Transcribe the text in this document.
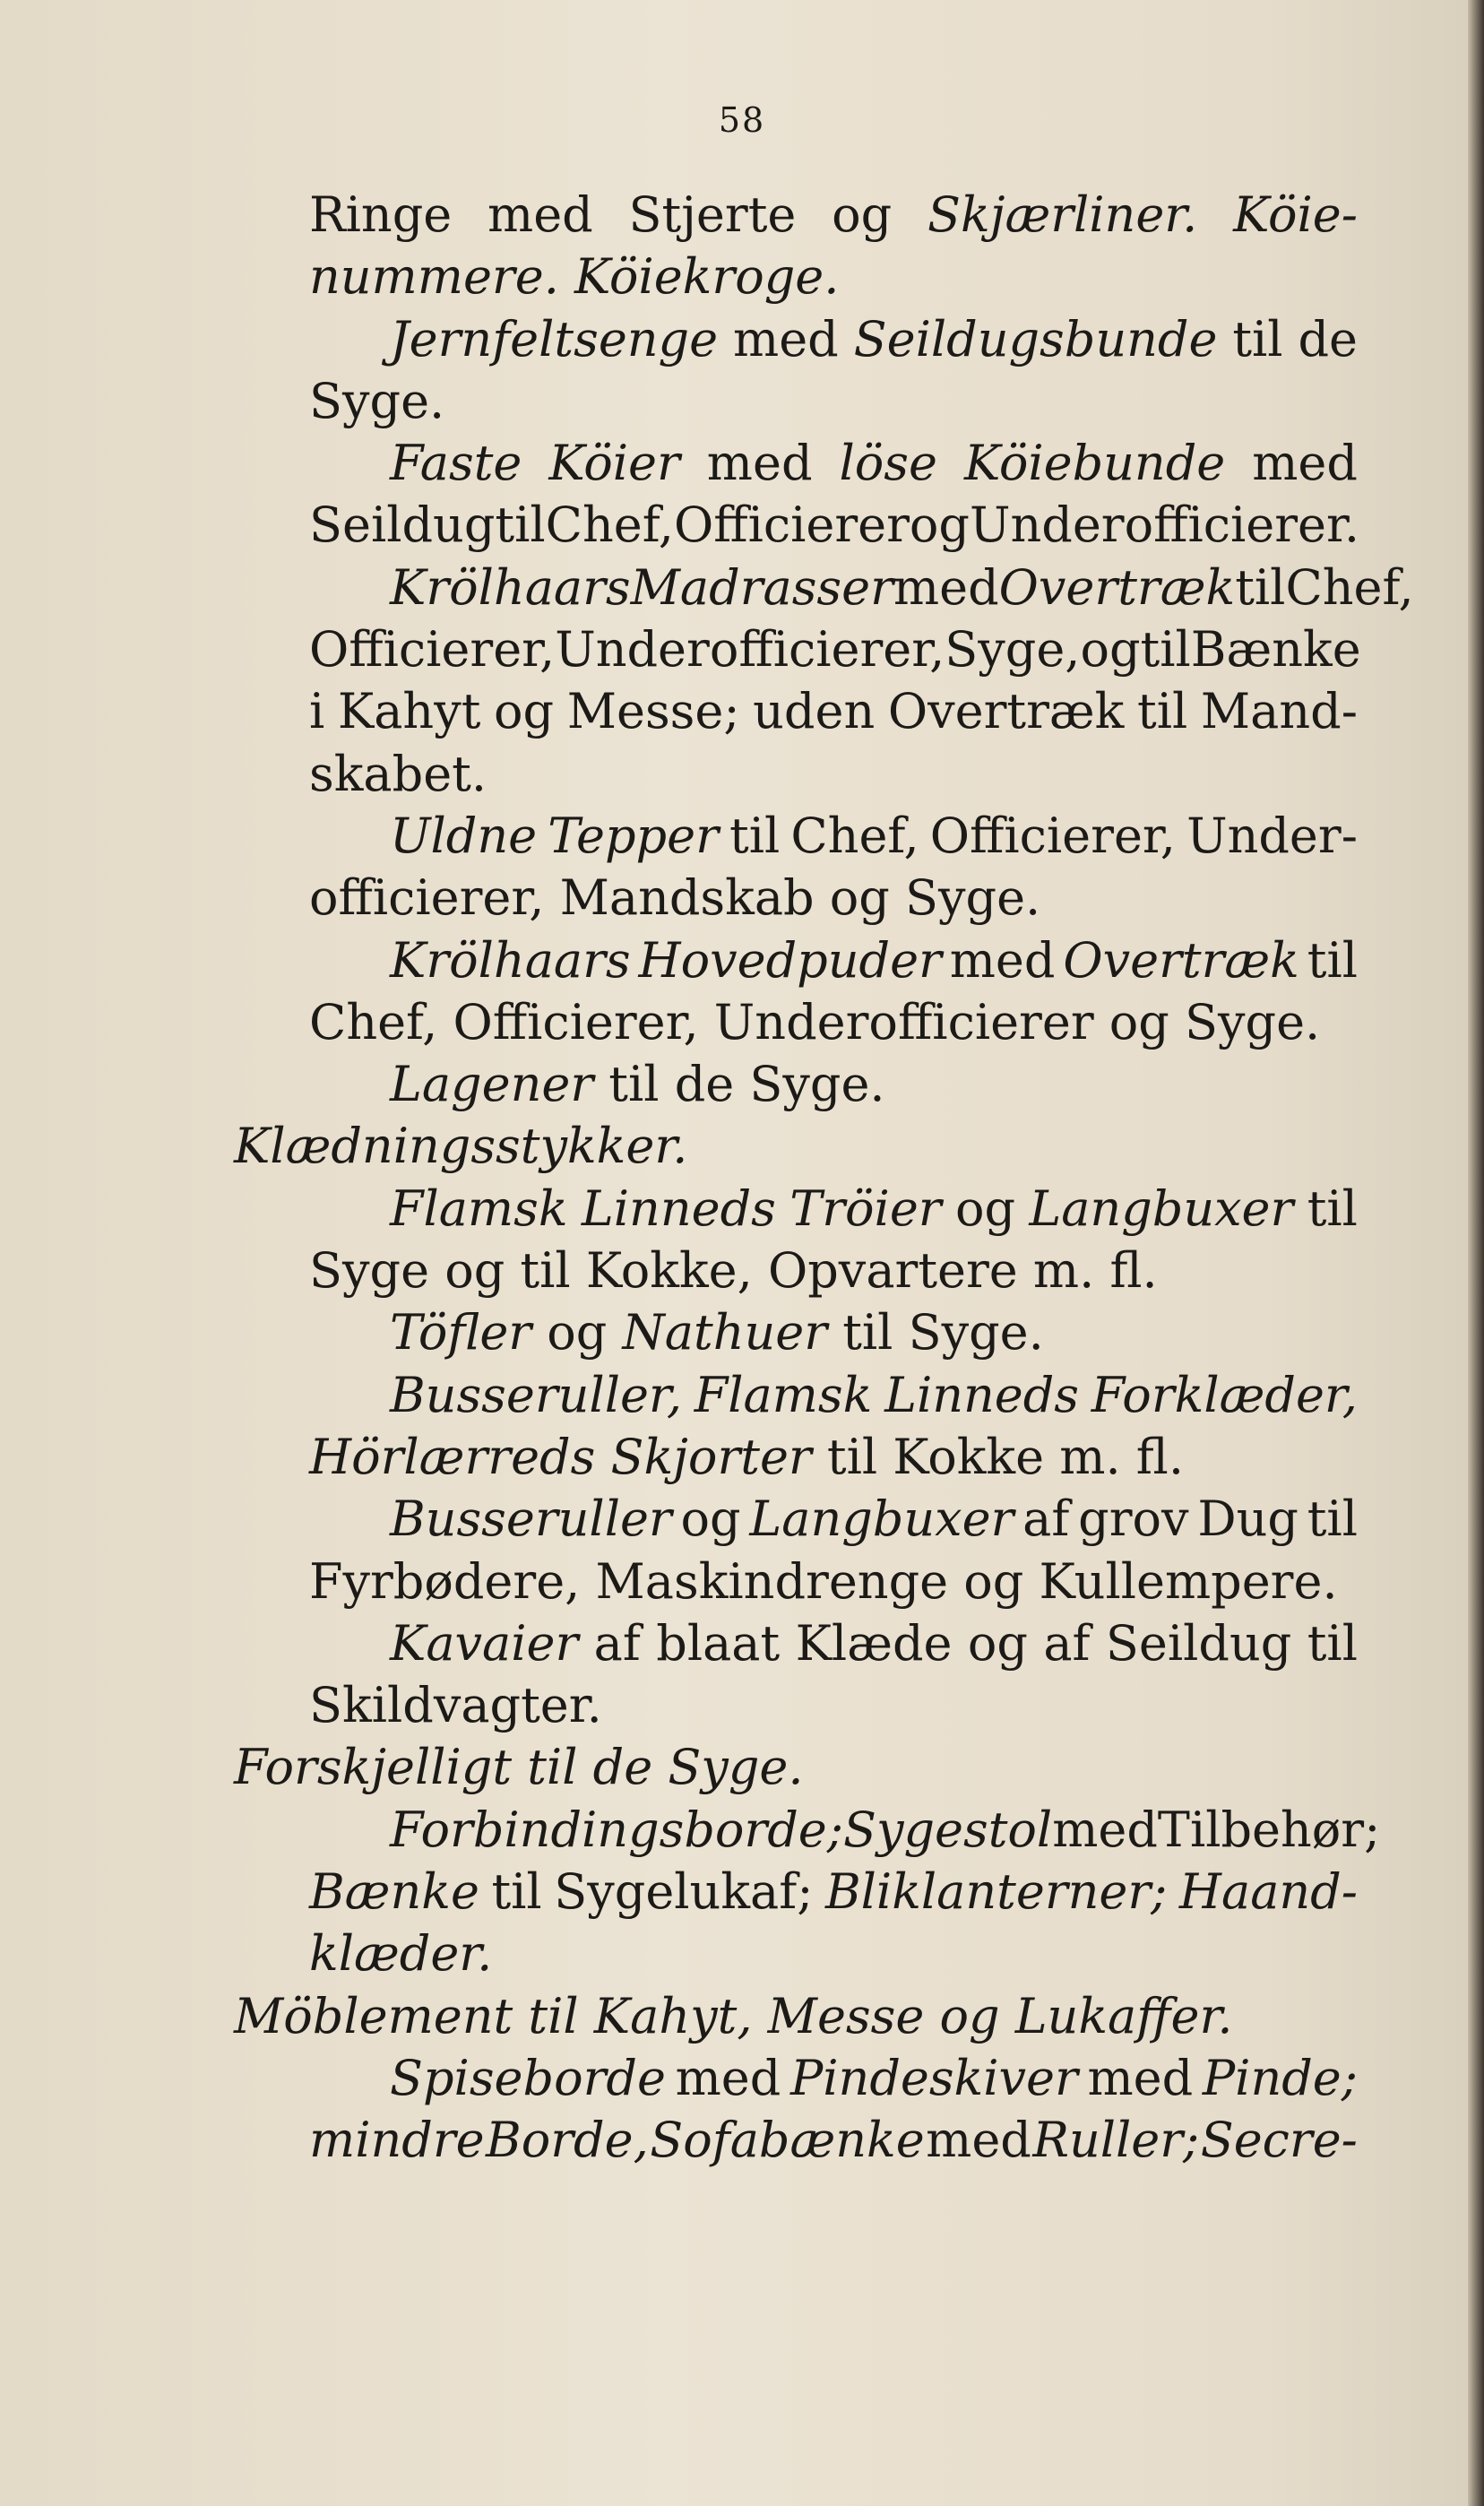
58
Ringe med Stjerte og Skjærliner. Köie-
nummere. Köiekroge.
Jernfeltsenge med Seildugsbunde til de
Syge.
Faste Köier med löse Köiebunde med
Seildug til Chef, Officierer og Underofficierer.
Krölhaars Madrasser med Overtræk til Chef,
Officierer, Underofficierer, Syge, og til Bænke
i Kahyt og Messe; uden Overtræk til Mand-
skabet.
Uldne Tepper til Chef, Officierer, Under-
officierer, Mandskab og Syge.
Krölhaars Hovedpuder med Overtræk til
Chef, Officierer, Underofficierer og Syge.
Lagener til de Syge.
Klædningsstykker.
Flamsk Linneds Tröier og Langbuxer til
Syge og til Kokke, Opvartere m. fl.
Töfler og Nathuer til Syge.
Busseruller, Flamsk Linneds Forklæder,
Hörlærreds Skjorter til Kokke m. fl.
Busseruller og Langbuxer af grov Dug til
Fyrbødere, Maskindrenge og Kullempere.
Kavaier af blaat Klæde og af Seildug til
Skildvagter.
Forskjelligt til de Syge.
Forbindingsborde; Sygestol med Tilbehør;
Bænke til Sygelukaf; Bliklanterner; Haand-
klæder.
Möblement til Kahyt, Messe og Lukaffer.
Spiseborde med Pindeskiver med Pinde;
mindre Borde, Sofabænke med Ruller; Secre-
